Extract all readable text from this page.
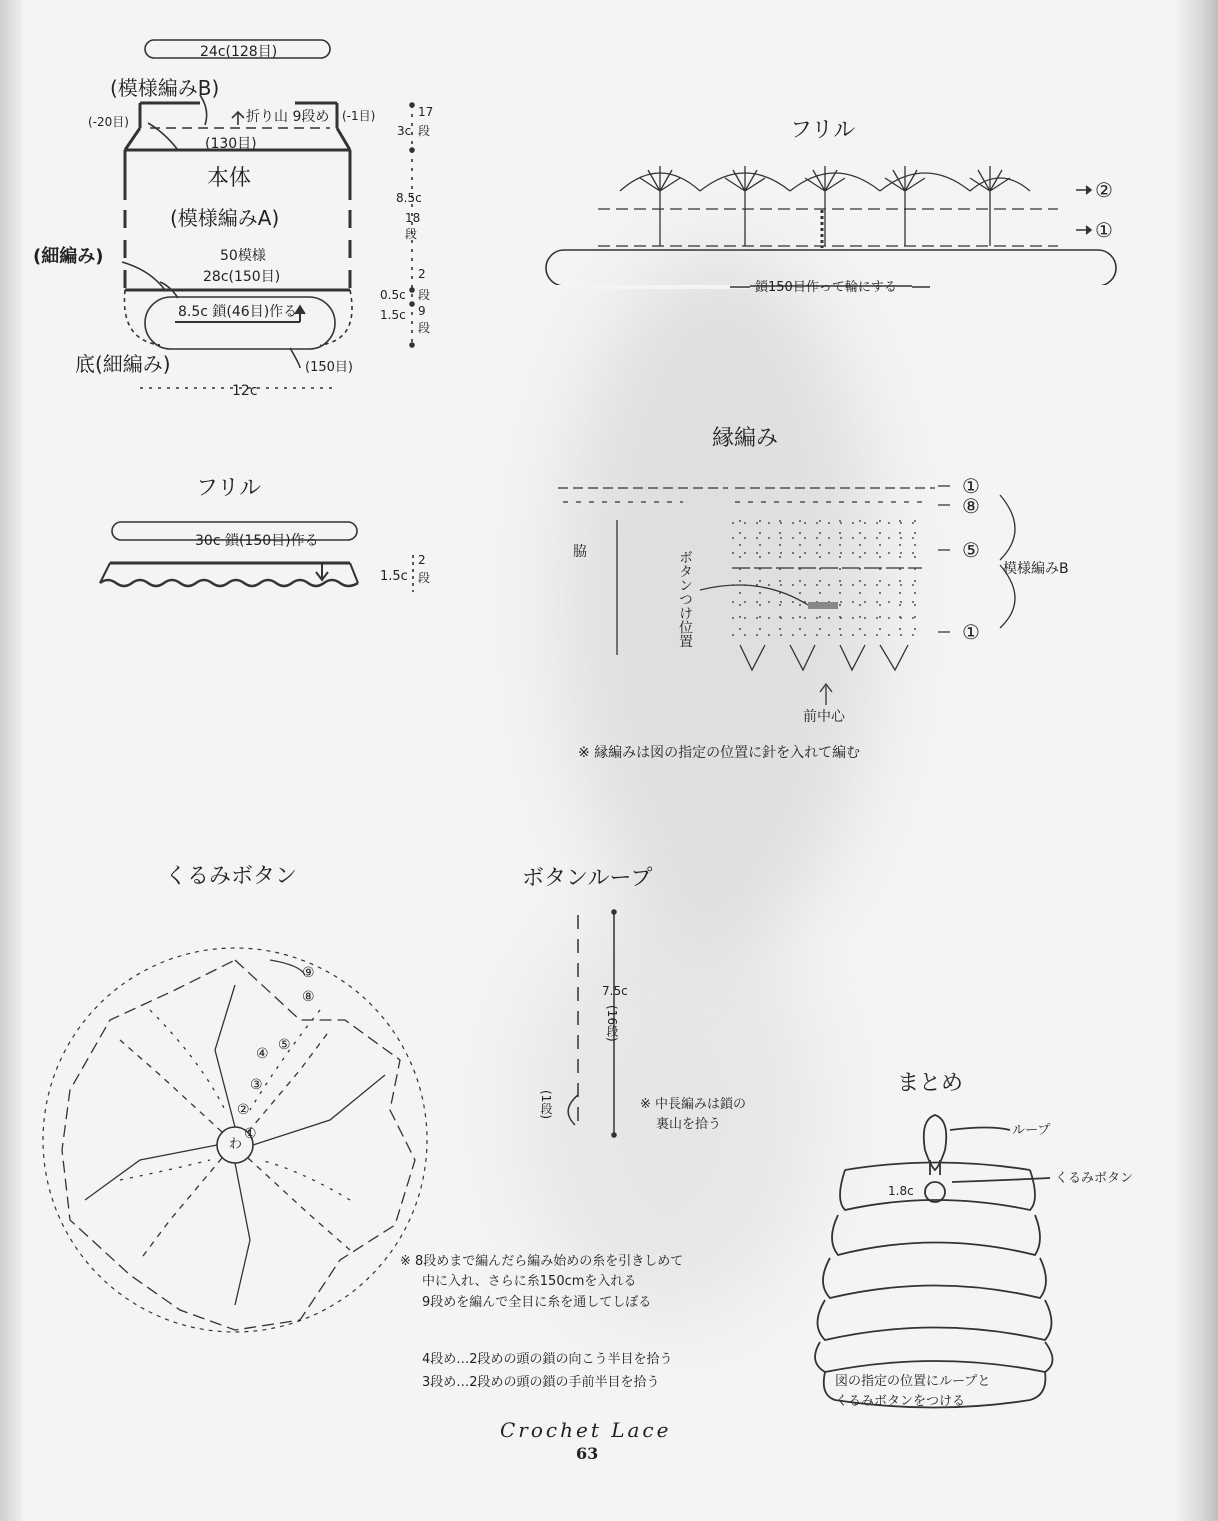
24c(128目)
(模様編みB)
(-20目)	折り山 9段め (-1目)
(130目)
本体
(模様編みA)
50模様
28c(150目)
(細編み)
8.5c 鎖(46目)作る
底(細編み)	(150目)
12c
17
3c 段
8.5c
18
段
2
0.5c 段
1.5c 9
段
フリル
30c 鎖(150目)作る
1.5c
2
段
フリル
②
①
鎖150目作って輪にする
縁編み
脇	ボタンつけ位置
前中心
模様編みB
①
⑧
⑤
①
※ 縁編みは図の指定の位置に針を入れて編む
くるみボタン
わ
①
②
③
④
⑤
⑧
⑨
※ 8段めまで編んだら編み始めの糸を引きしめて
中に入れ、さらに糸150cmを入れる
9段めを編んで全目に糸を通してしぼる
4段め…2段めの頭の鎖の向こう半目を拾う
3段め…2段めの頭の鎖の手前半目を拾う
ボタンループ
7.5c
(16段)
(1段)	※ 中長編みは鎖の
裏山を拾う
まとめ
ループ
くるみボタン
1.8c
図の指定の位置にループと
くるみボタンをつける
Crochet Lace
63
